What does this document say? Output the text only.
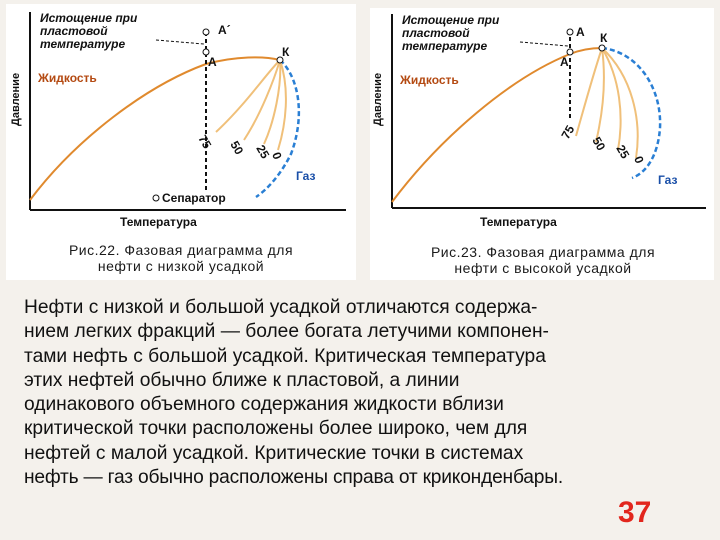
Давление
Температура
Истощение при
пластовой
температуре
А´
А
К
Жидкость
Газ
75 50 25
0
Сепаратор
Рис.22. Фазовая диаграмма для
нефти с низкой усадкой
Давление
Температура
Истощение при
пластовой
температуре
А
А
К
Жидкость
Газ
75
50 25
0
Рис.23. Фазовая диаграмма для
нефти с высокой усадкой
Нефти с низкой и большой усадкой отличаются содержа-
нием легких фракций — более богата летучими компонен-
тами нефть с большой усадкой. Критическая температура
этих нефтей обычно ближе к пластовой, а линии
одинакового объемного содержания жидкости вблизи
критической точки расположены более широко, чем для
нефтей с малой усадкой. Критические точки в системах
нефть — газ обычно расположены справа от криконденбары.
37
